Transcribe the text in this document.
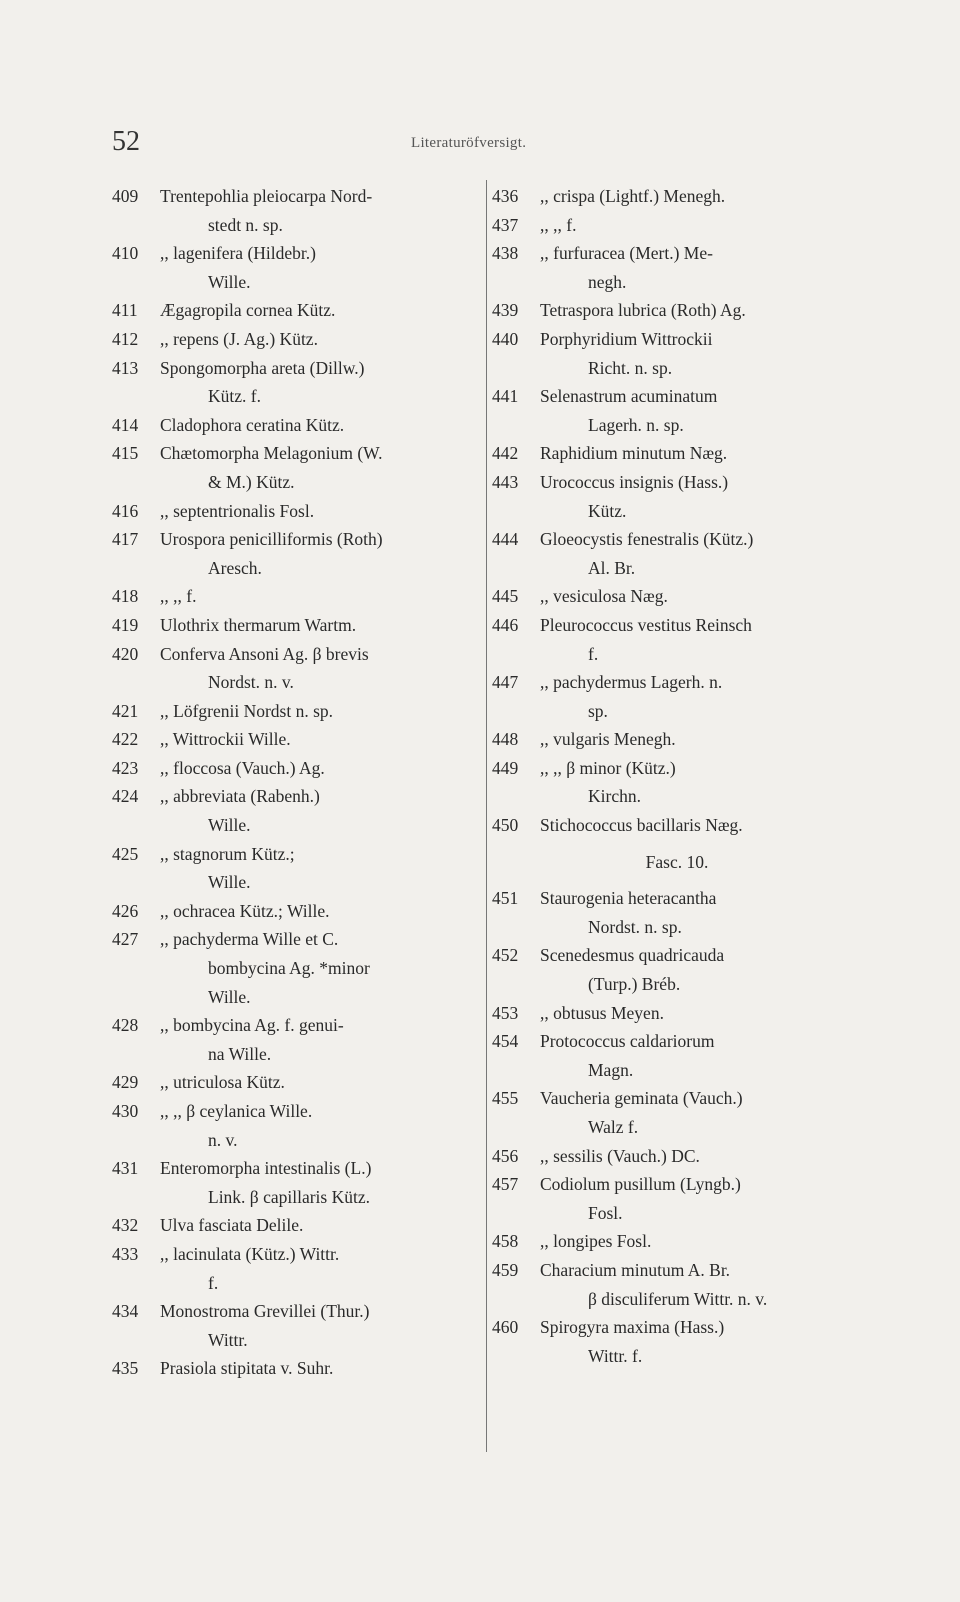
52	Literaturöfversigt.
409	Trentepohlia pleiocarpa Nord-
stedt n. sp.
410	,, lagenifera (Hildebr.)
Wille.
411	Ægagropila cornea Kütz.
412	,, repens (J. Ag.) Kütz.
413	Spongomorpha areta (Dillw.)
Kütz. f.
414	Cladophora ceratina Kütz.
415	Chætomorpha Melagonium (W.
& M.) Kütz.
416	,, septentrionalis Fosl.
417	Urospora penicilliformis (Roth)
Aresch.
418	,, ,, f.
419	Ulothrix thermarum Wartm.
420	Conferva Ansoni Ag. β brevis
Nordst. n. v.
421	,, Löfgrenii Nordst n. sp.
422	,, Wittrockii Wille.
423	,, floccosa (Vauch.) Ag.
424	,, abbreviata (Rabenh.)
Wille.
425	,, stagnorum Kütz.;
Wille.
426	,, ochracea Kütz.; Wille.
427	,, pachyderma Wille et C.
bombycina Ag. *minor
Wille.
428	,, bombycina Ag. f. genui-
na Wille.
429	,, utriculosa Kütz.
430	,, ,, β ceylanica Wille.
n. v.
431	Enteromorpha intestinalis (L.)
Link. β capillaris Kütz.
432	Ulva fasciata Delile.
433	,, lacinulata (Kütz.) Wittr.
f.
434	Monostroma Grevillei (Thur.)
Wittr.
435	Prasiola stipitata v. Suhr.
436	,, crispa (Lightf.) Menegh.
437	,, ,, f.
438	,, furfuracea (Mert.) Me-
negh.
439	Tetraspora lubrica (Roth) Ag.
440	Porphyridium Wittrockii
Richt. n. sp.
441	Selenastrum acuminatum
Lagerh. n. sp.
442	Raphidium minutum Næg.
443	Urococcus insignis (Hass.)
Kütz.
444	Gloeocystis fenestralis (Kütz.)
Al. Br.
445	,, vesiculosa Næg.
446	Pleurococcus vestitus Reinsch
f.
447	,, pachydermus Lagerh. n.
sp.
448	,, vulgaris Menegh.
449	,, ,, β minor (Kütz.)
Kirchn.
450	Stichococcus bacillaris Næg.
Fasc. 10.
451	Staurogenia heteracantha
Nordst. n. sp.
452	Scenedesmus quadricauda
(Turp.) Bréb.
453	,, obtusus Meyen.
454	Protococcus caldariorum
Magn.
455	Vaucheria geminata (Vauch.)
Walz f.
456	,, sessilis (Vauch.) DC.
457	Codiolum pusillum (Lyngb.)
Fosl.
458	,, longipes Fosl.
459	Characium minutum A. Br.
β disculiferum Wittr. n. v.
460	Spirogyra maxima (Hass.)
Wittr. f.
